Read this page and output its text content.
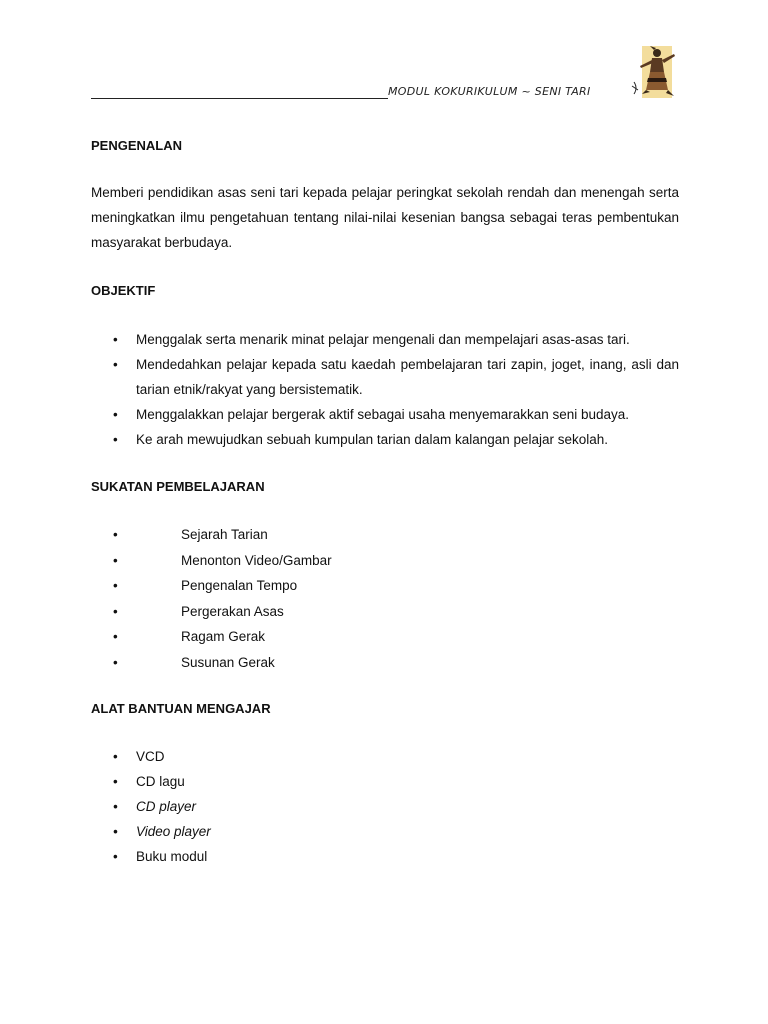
MODUL KOKURIKULUM ~ SENI TARI
PENGENALAN

Memberi pendidikan asas seni tari kepada pelajar peringkat sekolah rendah dan menengah serta meningkatkan ilmu pengetahuan tentang nilai-nilai kesenian bangsa sebagai teras pembentukan masyarakat berbudaya.

OBJEKTIF
• Menggalak serta menarik minat pelajar mengenali dan mempelajari asas-asas tari.
• Mendedahkan pelajar kepada satu kaedah pembelajaran tari zapin, joget, inang, asli dan tarian etnik/rakyat yang bersistematik.
• Menggalakkan pelajar bergerak aktif sebagai usaha menyemarakkan seni budaya.
• Ke arah mewujudkan sebuah kumpulan tarian dalam kalangan pelajar sekolah.
SUKATAN PEMBELAJARAN
• Sejarah Tarian
• Menonton Video/Gambar
• Pengenalan Tempo
• Pergerakan Asas
• Ragam Gerak
• Susunan Gerak
ALAT BANTUAN MENGAJAR
• VCD
• CD lagu
• CD player
• Video player
• Buku modul
